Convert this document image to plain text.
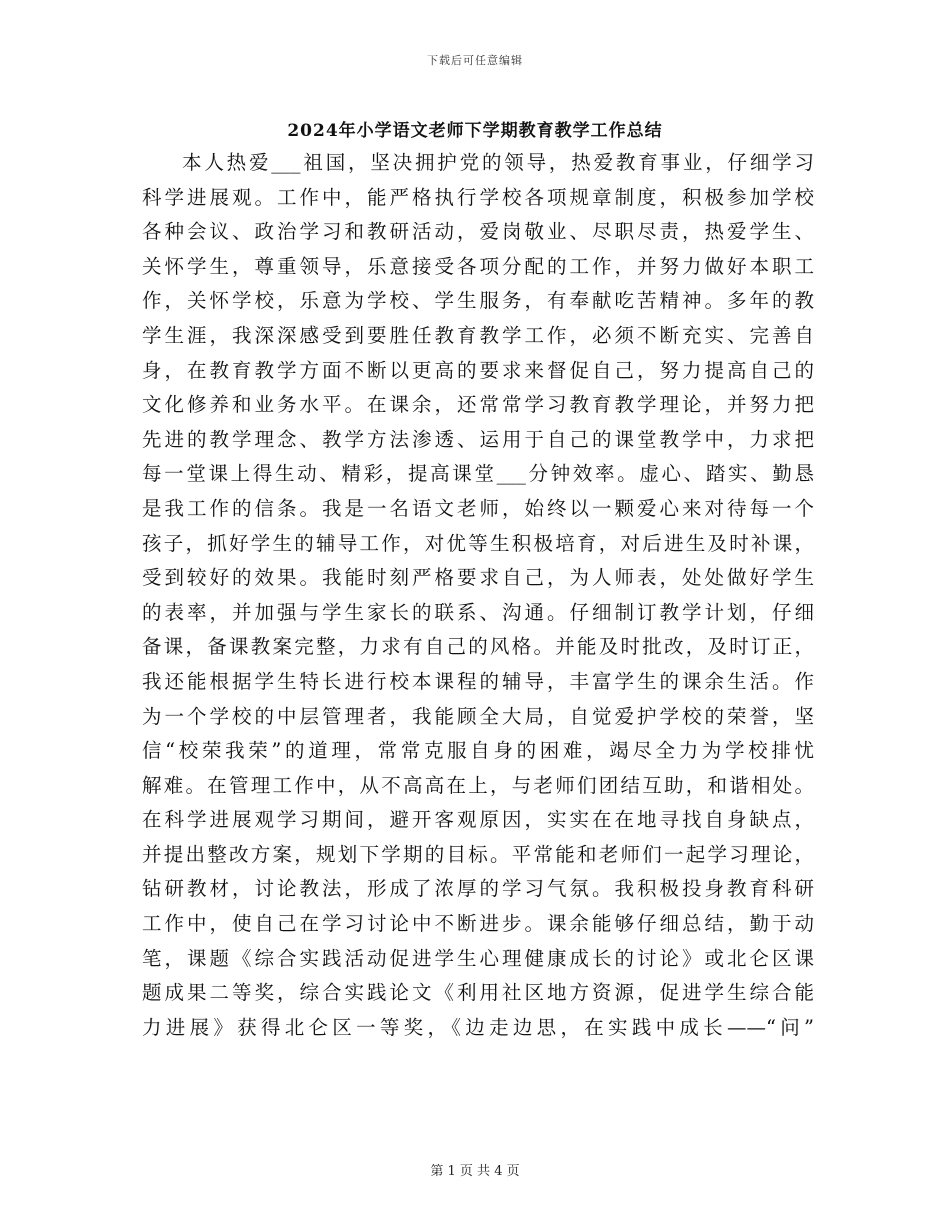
下载后可任意编辑
2024年小学语文老师下学期教育教学工作总结
本人热爱___祖国，坚决拥护党的领导，热爱教育事业，仔细学习
科学进展观。工作中，能严格执行学校各项规章制度，积极参加学校
各种会议、政治学习和教研活动，爱岗敬业、尽职尽责，热爱学生、
关怀学生，尊重领导，乐意接受各项分配的工作，并努力做好本职工
作，关怀学校，乐意为学校、学生服务，有奉献吃苦精神。多年的教
学生涯，我深深感受到要胜任教育教学工作，必须不断充实、完善自
身，在教育教学方面不断以更高的要求来督促自己，努力提高自己的
文化修养和业务水平。在课余，还常常学习教育教学理论，并努力把
先进的教学理念、教学方法渗透、运用于自己的课堂教学中，力求把
每一堂课上得生动、精彩，提高课堂___分钟效率。虚心、踏实、勤恳
是我工作的信条。我是一名语文老师，始终以一颗爱心来对待每一个
孩子，抓好学生的辅导工作，对优等生积极培育，对后进生及时补课，
受到较好的效果。我能时刻严格要求自己，为人师表，处处做好学生
的表率，并加强与学生家长的联系、沟通。仔细制订教学计划，仔细
备课，备课教案完整，力求有自己的风格。并能及时批改，及时订正，
我还能根据学生特长进行校本课程的辅导，丰富学生的课余生活。作
为一个学校的中层管理者，我能顾全大局，自觉爱护学校的荣誉，坚
信“校荣我荣”的道理，常常克服自身的困难，竭尽全力为学校排忧
解难。在管理工作中，从不高高在上，与老师们团结互助，和谐相处。
在科学进展观学习期间，避开客观原因，实实在在地寻找自身缺点，
并提出整改方案，规划下学期的目标。平常能和老师们一起学习理论，
钻研教材，讨论教法，形成了浓厚的学习气氛。我积极投身教育科研
工作中，使自己在学习讨论中不断进步。课余能够仔细总结，勤于动
笔，课题《综合实践活动促进学生心理健康成长的讨论》或北仑区课
题成果二等奖，综合实践论文《利用社区地方资源，促进学生综合能
力进展》获得北仑区一等奖，《边走边思，在实践中成长——“问”
第 1 页 共 4 页
